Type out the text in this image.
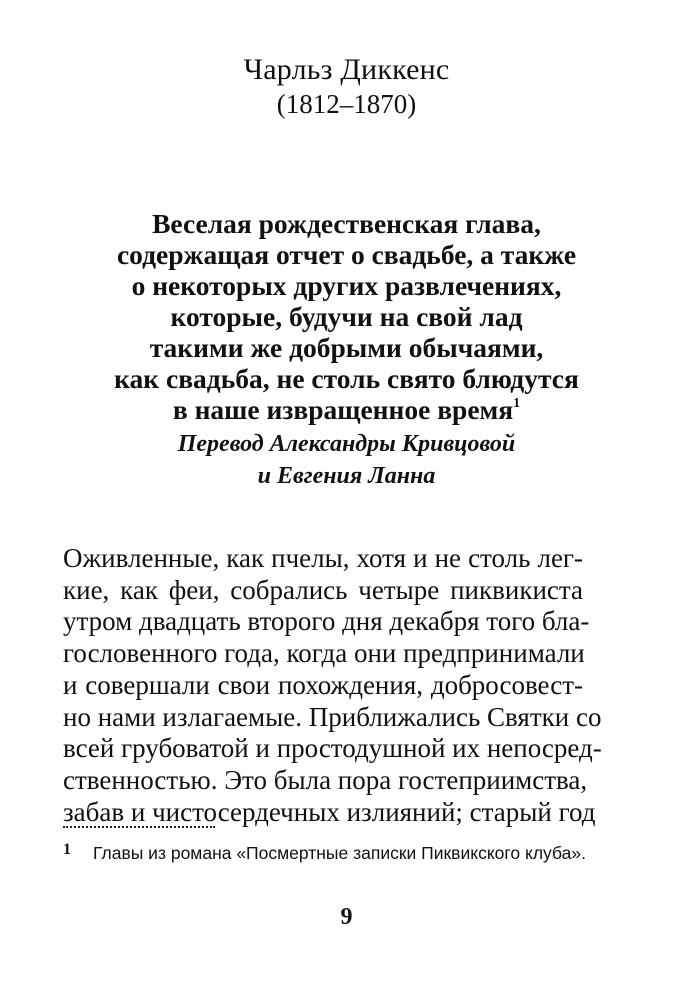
Чарльз Диккенс
(1812–1870)
Веселая рождественская глава,
содержащая отчет о свадьбе, а также
о некоторых других развлечениях,
которые, будучи на свой лад
такими же добрыми обычаями,
как свадьба, не столь свято блюдутся
в наше извращенное время$^1$
Перевод Александры Кривцовой
и Евгения Ланна
Оживленные, как пчелы, хотя и не столь лег-
кие, как феи, собрались четыре пиквикиста
утром двадцать второго дня декабря того бла-
гословенного года, когда они предпринимали
и совершали свои похождения, добросовест-
но нами излагаемые. Приближались Святки со
всей грубоватой и простодушной их непосред-
ственностью. Это была пора гостеприимства,
забав и чистосердечных излияний; старый год
1 Главы из романа «Посмертные записки Пиквикского клуба».
9
